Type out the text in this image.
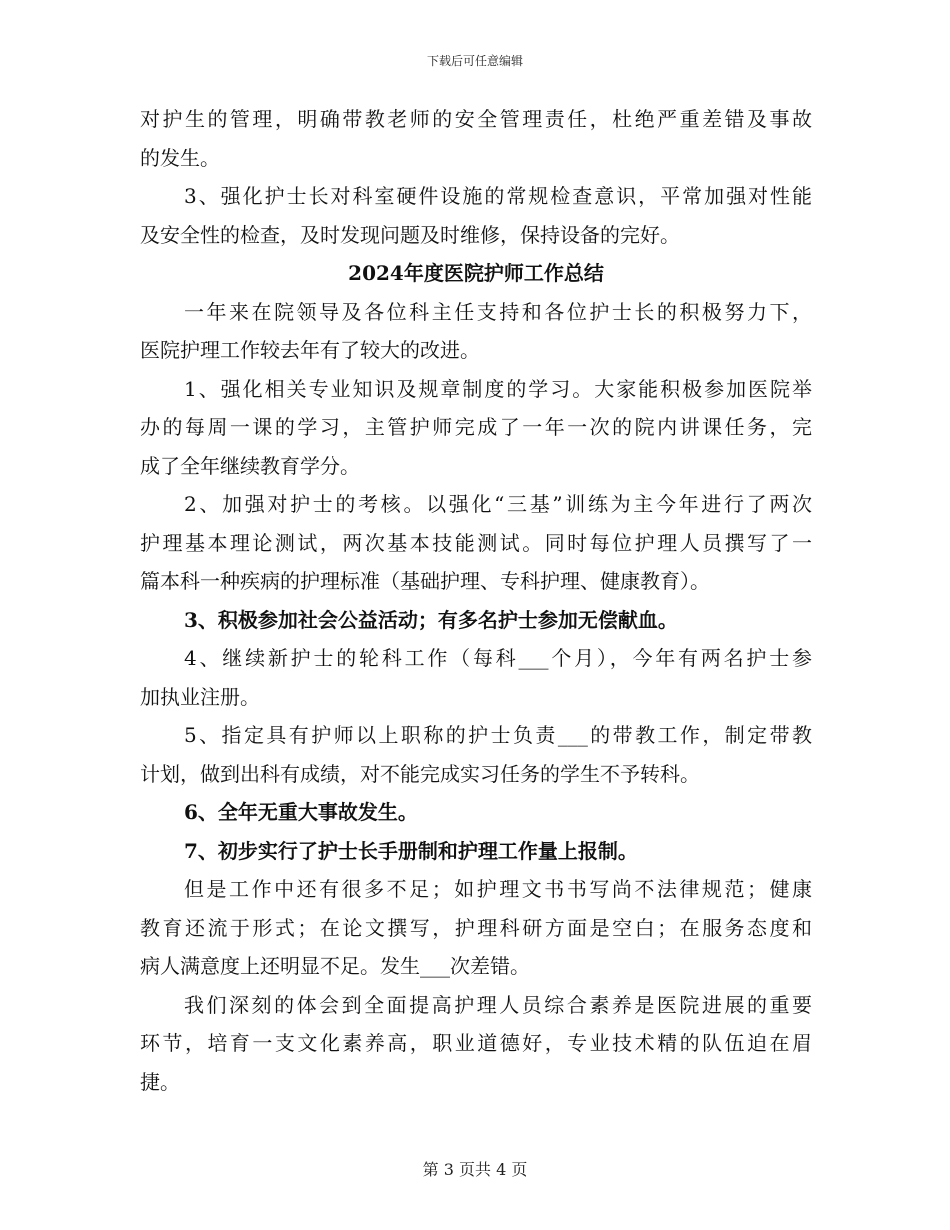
下载后可任意编辑
对护生的管理，明确带教老师的安全管理责任，杜绝严重差错及事故
的发生。
3、强化护士长对科室硬件设施的常规检查意识，平常加强对性能
及安全性的检查，及时发现问题及时维修，保持设备的完好。
2024年度医院护师工作总结
一年来在院领导及各位科主任支持和各位护士长的积极努力下，
医院护理工作较去年有了较大的改进。
1、强化相关专业知识及规章制度的学习。大家能积极参加医院举
办的每周一课的学习，主管护师完成了一年一次的院内讲课任务，完
成了全年继续教育学分。
2、加强对护士的考核。以强化“三基”训练为主今年进行了两次
护理基本理论测试，两次基本技能测试。同时每位护理人员撰写了一
篇本科一种疾病的护理标准（基础护理、专科护理、健康教育）。
3、积极参加社会公益活动；有多名护士参加无偿献血。
4、继续新护士的轮科工作（每科___个月），今年有两名护士参
加执业注册。
5、指定具有护师以上职称的护士负责___的带教工作，制定带教
计划，做到出科有成绩，对不能完成实习任务的学生不予转科。
6、全年无重大事故发生。
7、初步实行了护士长手册制和护理工作量上报制。
但是工作中还有很多不足；如护理文书书写尚不法律规范；健康
教育还流于形式；在论文撰写，护理科研方面是空白；在服务态度和
病人满意度上还明显不足。发生___次差错。
我们深刻的体会到全面提高护理人员综合素养是医院进展的重要
环节，培育一支文化素养高，职业道德好，专业技术精的队伍迫在眉
捷。
第 3 页共 4 页
